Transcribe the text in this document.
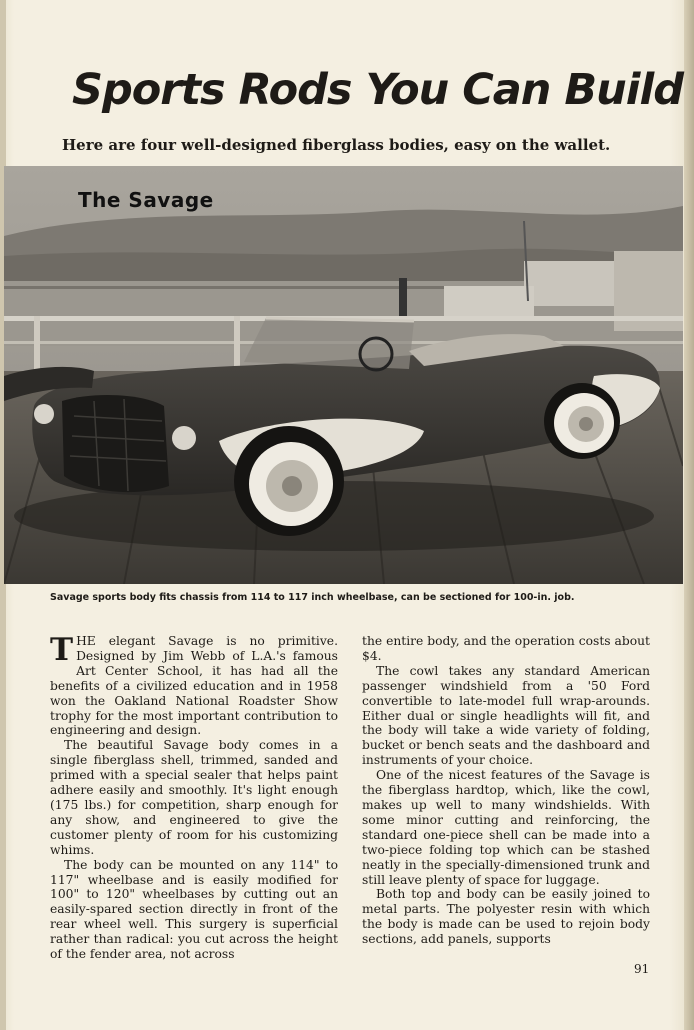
Sports Rods You Can Build

Here are four well-designed fiberglass bodies, easy on the wallet.

The Savage

Savage sports body fits chassis from 114 to 117 inch wheelbase, can be sectioned for 100-in. job.

THE elegant Savage is no primitive. Designed by Jim Webb of L.A.'s famous Art Center School, it has had all the benefits of a civilized education and in 1958 won the Oakland National Roadster Show trophy for the most important contribution to engineering and design.

The beautiful Savage body comes in a single fiberglass shell, trimmed, sanded and primed with a special sealer that helps paint adhere easily and smoothly. It's light enough (175 lbs.) for competition, sharp enough for any show, and engineered to give the customer plenty of room for his customizing whims.

The body can be mounted on any 114" to 117" wheelbase and is easily modified for 100" to 120" wheelbases by cutting out an easily-spared section directly in front of the rear wheel well. This surgery is superficial rather than radical: you cut across the height of the fender area, not across

the entire body, and the operation costs about $4.

The cowl takes any standard American passenger windshield from a '50 Ford convertible to late-model full wrap-arounds. Either dual or single headlights will fit, and the body will take a wide variety of folding, bucket or bench seats and the dashboard and instruments of your choice.

One of the nicest features of the Savage is the fiberglass hardtop, which, like the cowl, makes up well to many windshields. With some minor cutting and reinforcing, the standard one-piece shell can be made into a two-piece folding top which can be stashed neatly in the specially-dimensioned trunk and still leave plenty of space for luggage.

Both top and body can be easily joined to metal parts. The polyester resin with which the body is made can be used to rejoin body sections, add panels, supports

91
